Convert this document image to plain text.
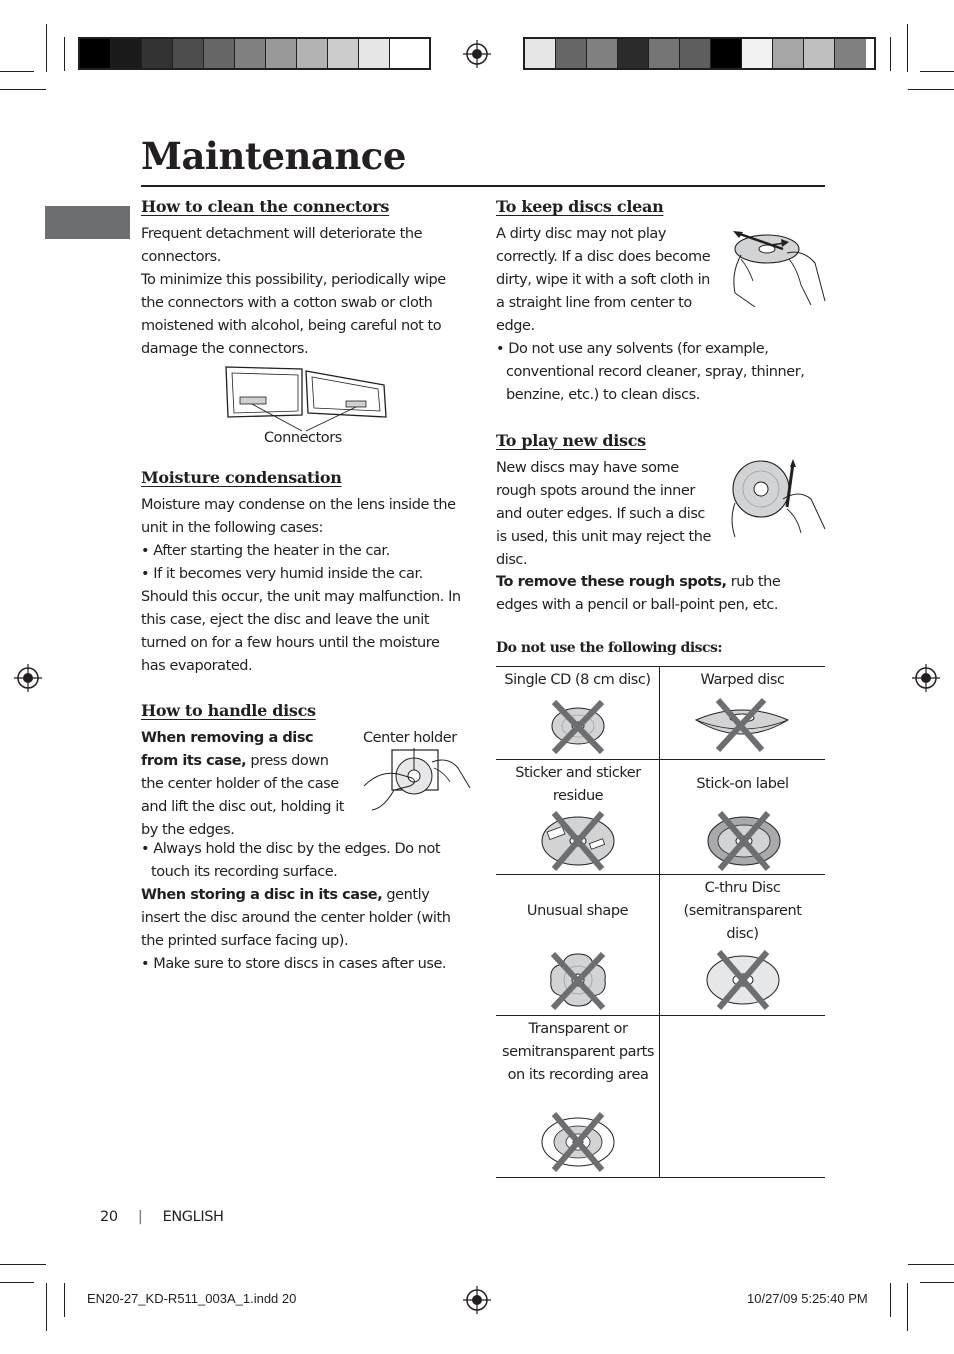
Maintenance
How to clean the connectors

Frequent detachment will deteriorate the connectors.

To minimize this possibility, periodically wipe the connectors with a cotton swab or cloth moistened with alcohol, being careful not to damage the connectors.

Connectors
Moisture condensation

Moisture may condense on the lens inside the unit in the following cases:

• After starting the heater in the car.

• If it becomes very humid inside the car.

Should this occur, the unit may malfunction. In this case, eject the disc and leave the unit turned on for a few hours until the moisture has evaporated.

How to handle discs
Center holder

When removing a disc from its case, press down the center holder of the case and lift the disc out, holding it by the edges.

• Always hold the disc by the edges. Do not touch its recording surface.

When storing a disc in its case, gently insert the disc around the center holder (with the printed surface facing up).

• Make sure to store discs in cases after use.

To keep discs clean

A dirty disc may not play correctly. If a disc does become dirty, wipe it with a soft cloth in a straight line from center to edge.

• Do not use any solvents (for example, conventional record cleaner, spray, thinner, benzine, etc.) to clean discs.

To play new discs

New discs may have some rough spots around the inner and outer edges. If such a disc is used, this unit may reject the disc.

To remove these rough spots, rub the edges with a pencil or ball-point pen, etc.

Do not use the following discs:
Single CD (8 cm disc)	Warped disc
Sticker and sticker residue
Stick-on label
Unusual shape
C-thru Disc (semitransparent disc)
Transparent or semitransparent parts on its recording area
20 | ENGLISH
EN20-27_KD-R511_003A_1.indd 20	10/27/09 5:25:40 PM
